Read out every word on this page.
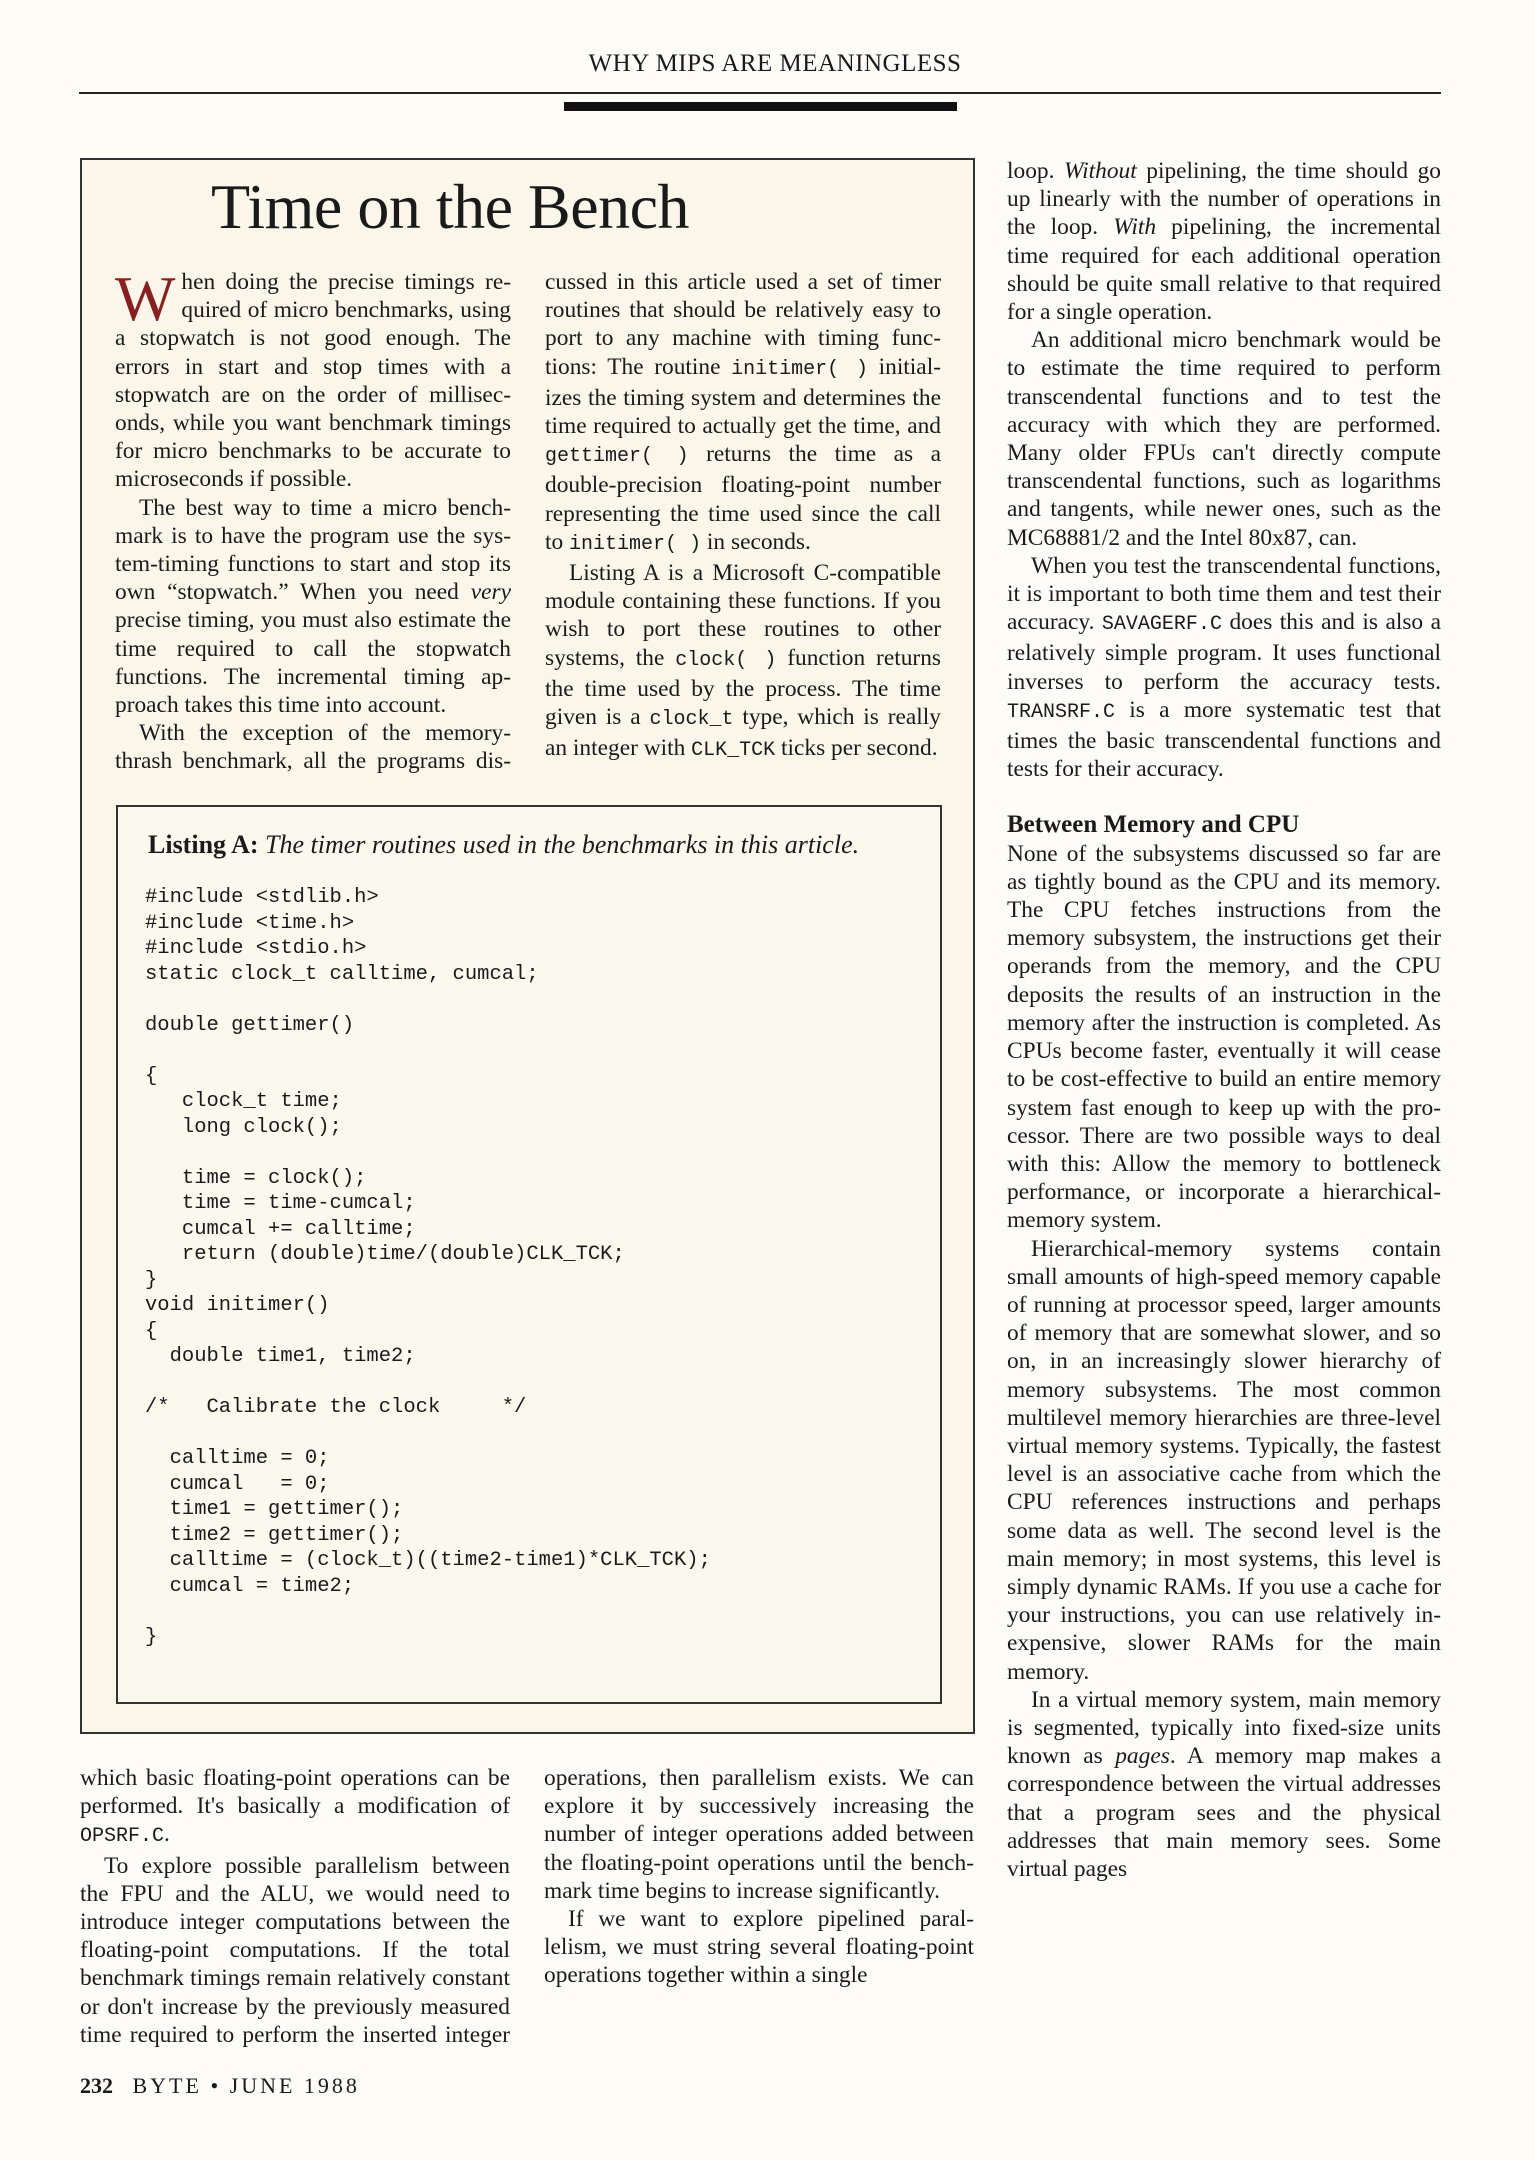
WHY MIPS ARE MEANINGLESS
Time on the Bench

When doing the precise timings required of micro benchmarks, using a stopwatch is not good enough. The errors in start and stop times with a stopwatch are on the order of milliseconds, while you want benchmark timings for micro benchmarks to be accurate to microseconds if possible.

The best way to time a micro benchmark is to have the program use the system-timing functions to start and stop its own “stopwatch.” When you need very precise timing, you must also estimate the time required to call the stopwatch functions. The incremental timing approach takes this time into account.

With the exception of the memory-thrash benchmark, all the programs discussed in this article used a set of timer routines that should be relatively easy to port to any machine with timing functions: The routine initimer( ) initializes the timing system and determines the time required to actually get the time, and gettimer( ) returns the time as a double-precision floating-point number representing the time used since the call to initimer( ) in seconds.

Listing A is a Microsoft C-compatible module containing these functions. If you wish to port these routines to other systems, the clock( ) function returns the time used by the process. The time given is a clock_t type, which is really an integer with CLK_TCK ticks per second.

Listing A: The timer routines used in the benchmarks in this article.
#include <stdlib.h>
#include <time.h>
#include <stdio.h>
static clock_t calltime, cumcal;
double gettimer()
{
clock_t time;
long clock();
time = clock();
time = time-cumcal;
cumcal += calltime;
return (double)time/(double)CLK_TCK;
}
void initimer()
{
double time1, time2;
/*   Calibrate the clock     */
calltime = 0;
cumcal   = 0;
time1 = gettimer();
time2 = gettimer();
calltime = (clock_t)((time2-time1)*CLK_TCK);
cumcal = time2;
}

loop. Without pipelining, the time should go up linearly with the number of operations in the loop. With pipelining, the incremental time required for each additional operation should be quite small relative to that required for a single operation.

An additional micro benchmark would be to estimate the time required to perform transcendental functions and to test the accuracy with which they are performed. Many older FPUs can't directly compute transcendental functions, such as logarithms and tangents, while newer ones, such as the MC68881/2 and the Intel 80x87, can.

When you test the transcendental functions, it is important to both time them and test their accuracy. SAVAGERF.C does this and is also a relatively simple program. It uses functional inverses to perform the accuracy tests. TRANSRF.C is a more systematic test that times the basic transcendental functions and tests for their accuracy.

Between Memory and CPU

None of the subsystems discussed so far are as tightly bound as the CPU and its memory. The CPU fetches instructions from the memory subsystem, the instructions get their operands from the memory, and the CPU deposits the results of an instruction in the memory after the instruction is completed. As CPUs become faster, eventually it will cease to be cost-effective to build an entire memory system fast enough to keep up with the processor. There are two possible ways to deal with this: Allow the memory to bottleneck performance, or incorporate a hierarchical-memory system.

Hierarchical-memory systems contain small amounts of high-speed memory capable of running at processor speed, larger amounts of memory that are somewhat slower, and so on, in an increasingly slower hierarchy of memory subsystems. The most common multilevel memory hierarchies are three-level virtual memory systems. Typically, the fastest level is an associative cache from which the CPU references instructions and perhaps some data as well. The second level is the main memory; in most systems, this level is simply dynamic RAMs. If you use a cache for your instructions, you can use relatively inexpensive, slower RAMs for the main memory.

In a virtual memory system, main memory is segmented, typically into fixed-size units known as pages. A memory map makes a correspondence between the virtual addresses that a program sees and the physical addresses that main memory sees. Some virtual pages

which basic floating-point operations can be performed. It's basically a modification of OPSRF.C.

To explore possible parallelism between the FPU and the ALU, we would need to introduce integer computations between the floating-point computations. If the total benchmark timings remain relatively constant or don't increase by the previously measured time required to perform the inserted integer operations, then parallelism exists. We can explore it by successively increasing the number of integer operations added between the floating-point operations until the benchmark time begins to increase significantly.

If we want to explore pipelined parallelism, we must string several floating-point operations together within a single

232 BYTE • JUNE 1988
